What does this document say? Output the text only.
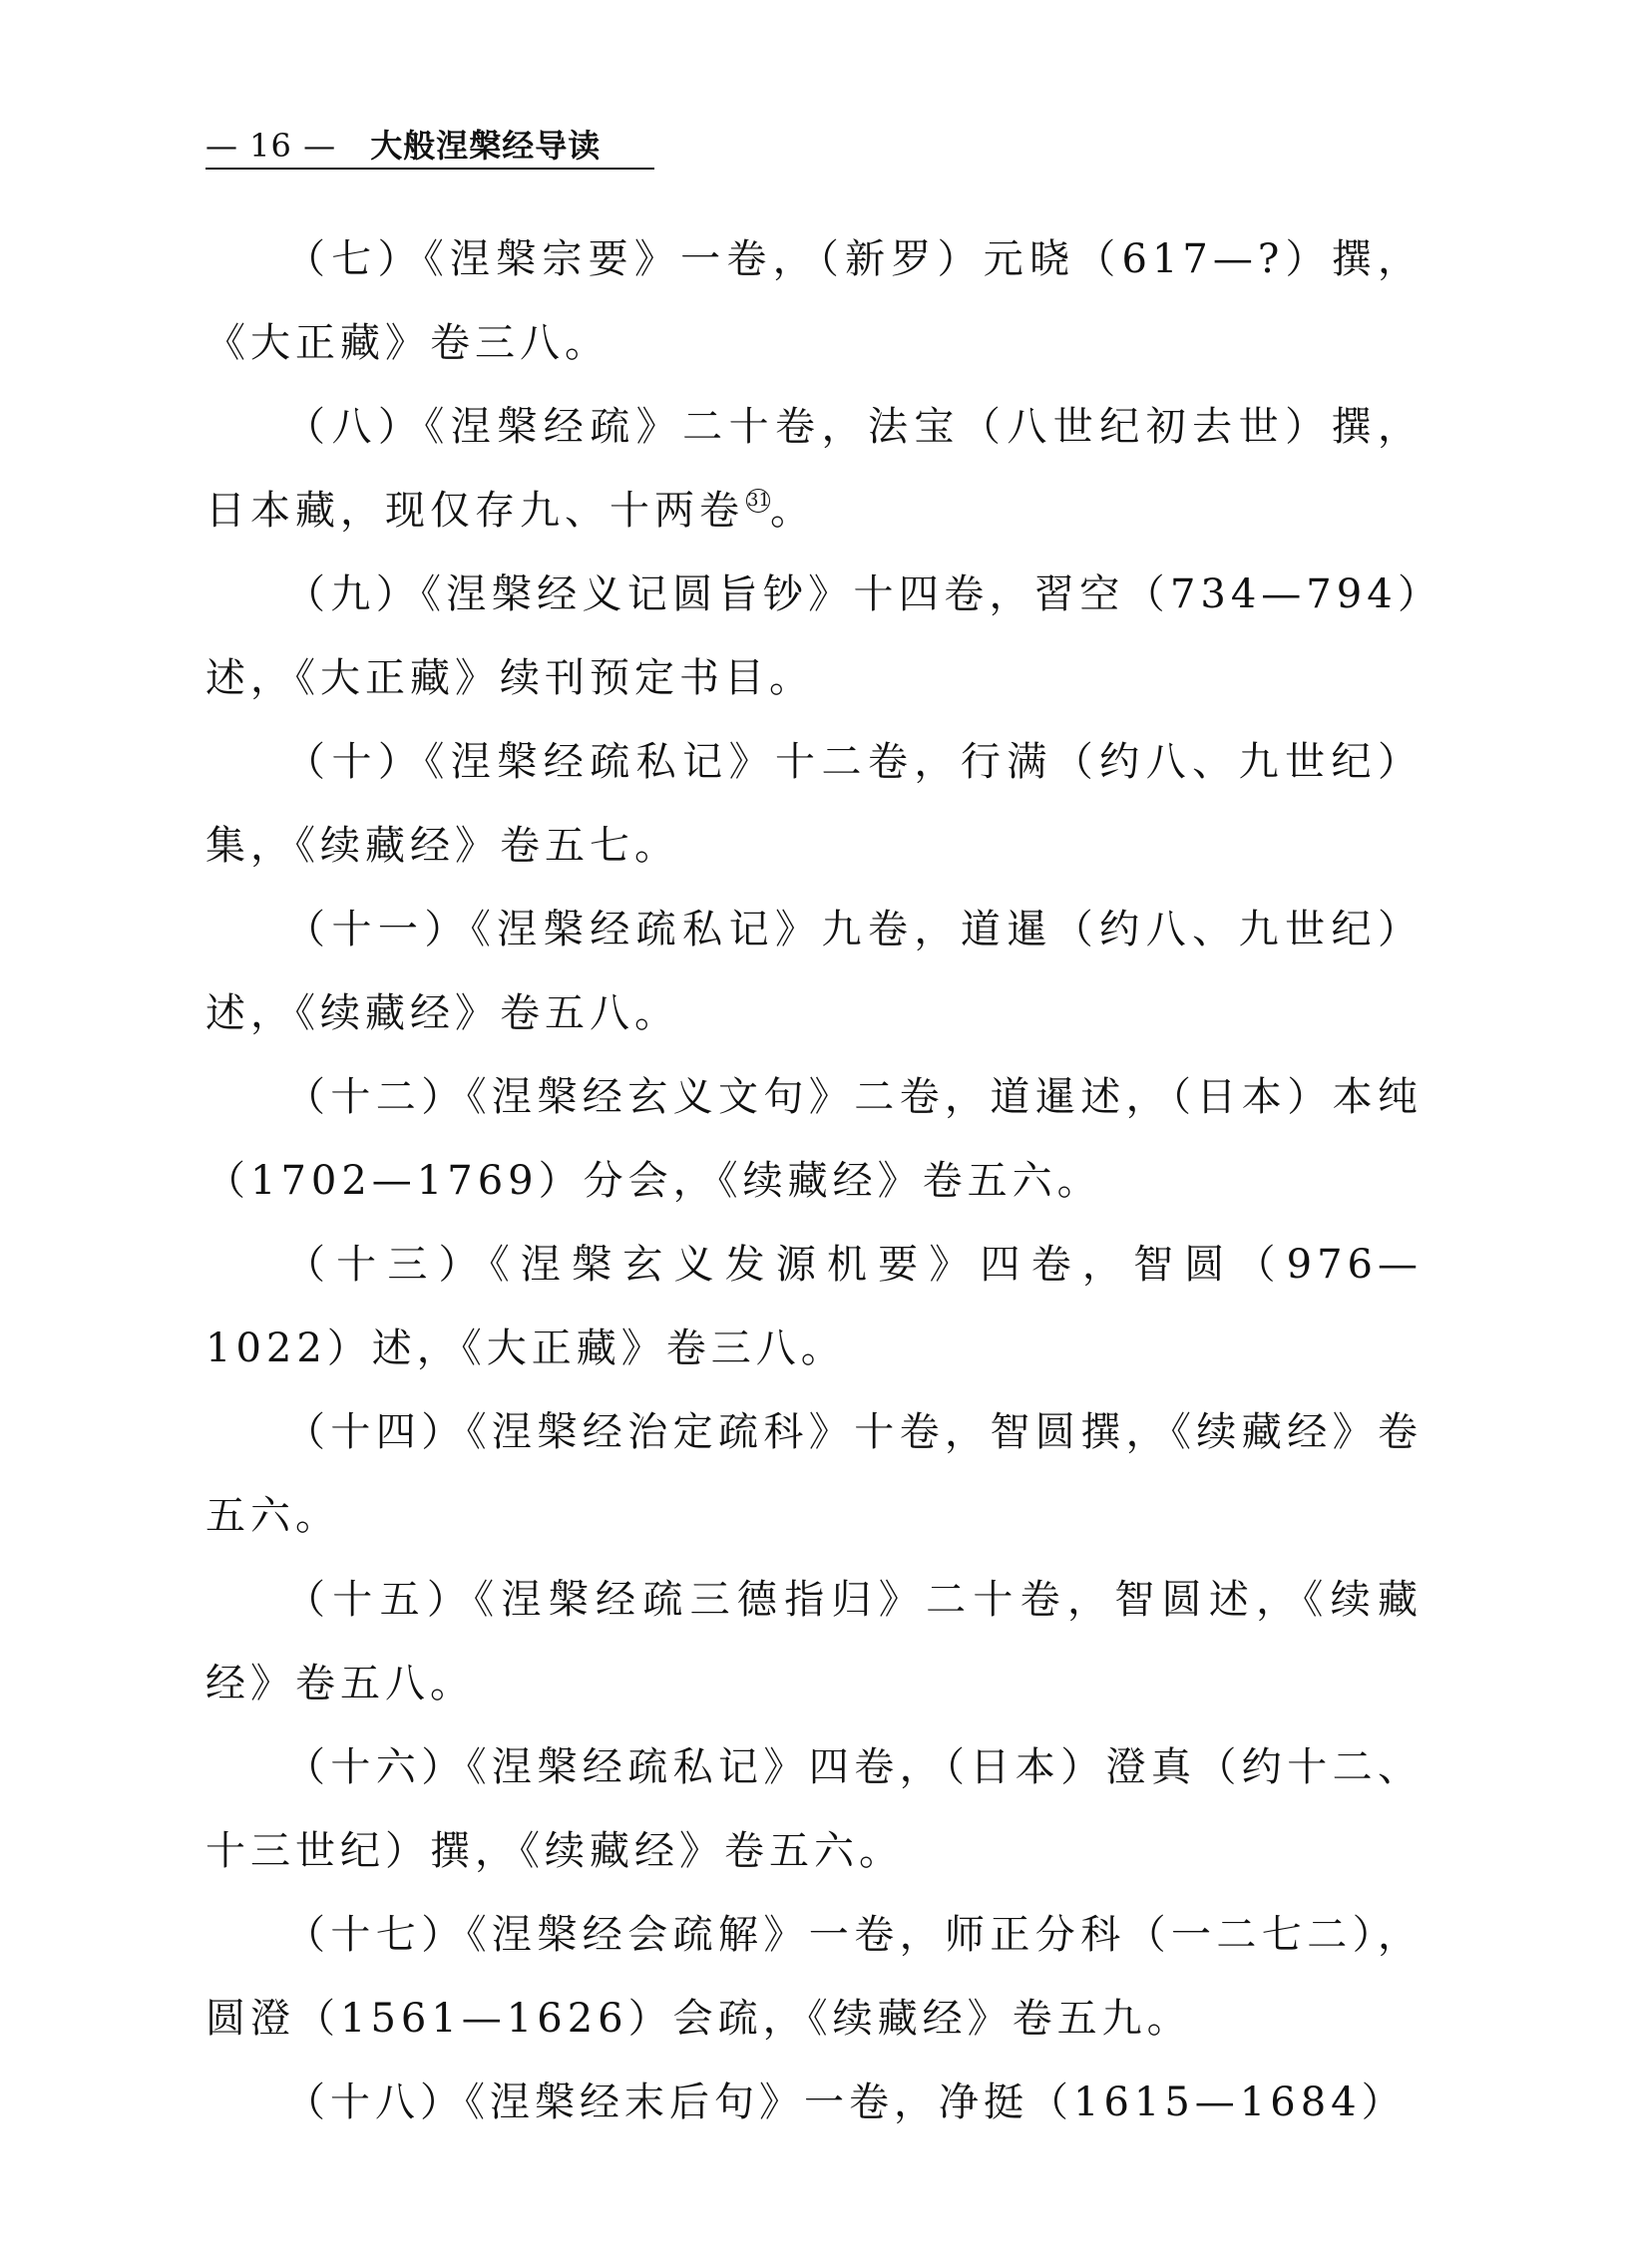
— 16 — 大般涅槃经导读

（七）《涅槃宗要》一卷，（新罗）元晓（617—?）撰，《大正藏》卷三八。

（八）《涅槃经疏》二十卷，法宝（八世纪初去世）撰，日本藏，现仅存九、十两卷 31。

（九）《涅槃经义记圆旨钞》十四卷，習空（734—794）述，《大正藏》续刊预定书目。

（十）《涅槃经疏私记》十二卷，行满（约八、九世纪）集，《续藏经》卷五七。

（十一）《涅槃经疏私记》九卷，道暹（约八、九世纪）述，《续藏经》卷五八。

（十二）《涅槃经玄义文句》二卷，道暹述，（日本）本纯（1702—1769）分会，《续藏经》卷五六。

（十三）《涅槃玄义发源机要》四卷，智圆（976—1022）述，《大正藏》卷三八。

（十四）《涅槃经治定疏科》十卷，智圆撰，《续藏经》卷五六。

（十五）《涅槃经疏三德指归》二十卷，智圆述，《续藏经》卷五八。

（十六）《涅槃经疏私记》四卷，（日本）澄真（约十二、十三世纪）撰，《续藏经》卷五六。

（十七）《涅槃经会疏解》一卷，师正分科（一二七二），圆澄（1561—1626）会疏，《续藏经》卷五九。

（十八）《涅槃经末后句》一卷，净挺（1615—1684）
